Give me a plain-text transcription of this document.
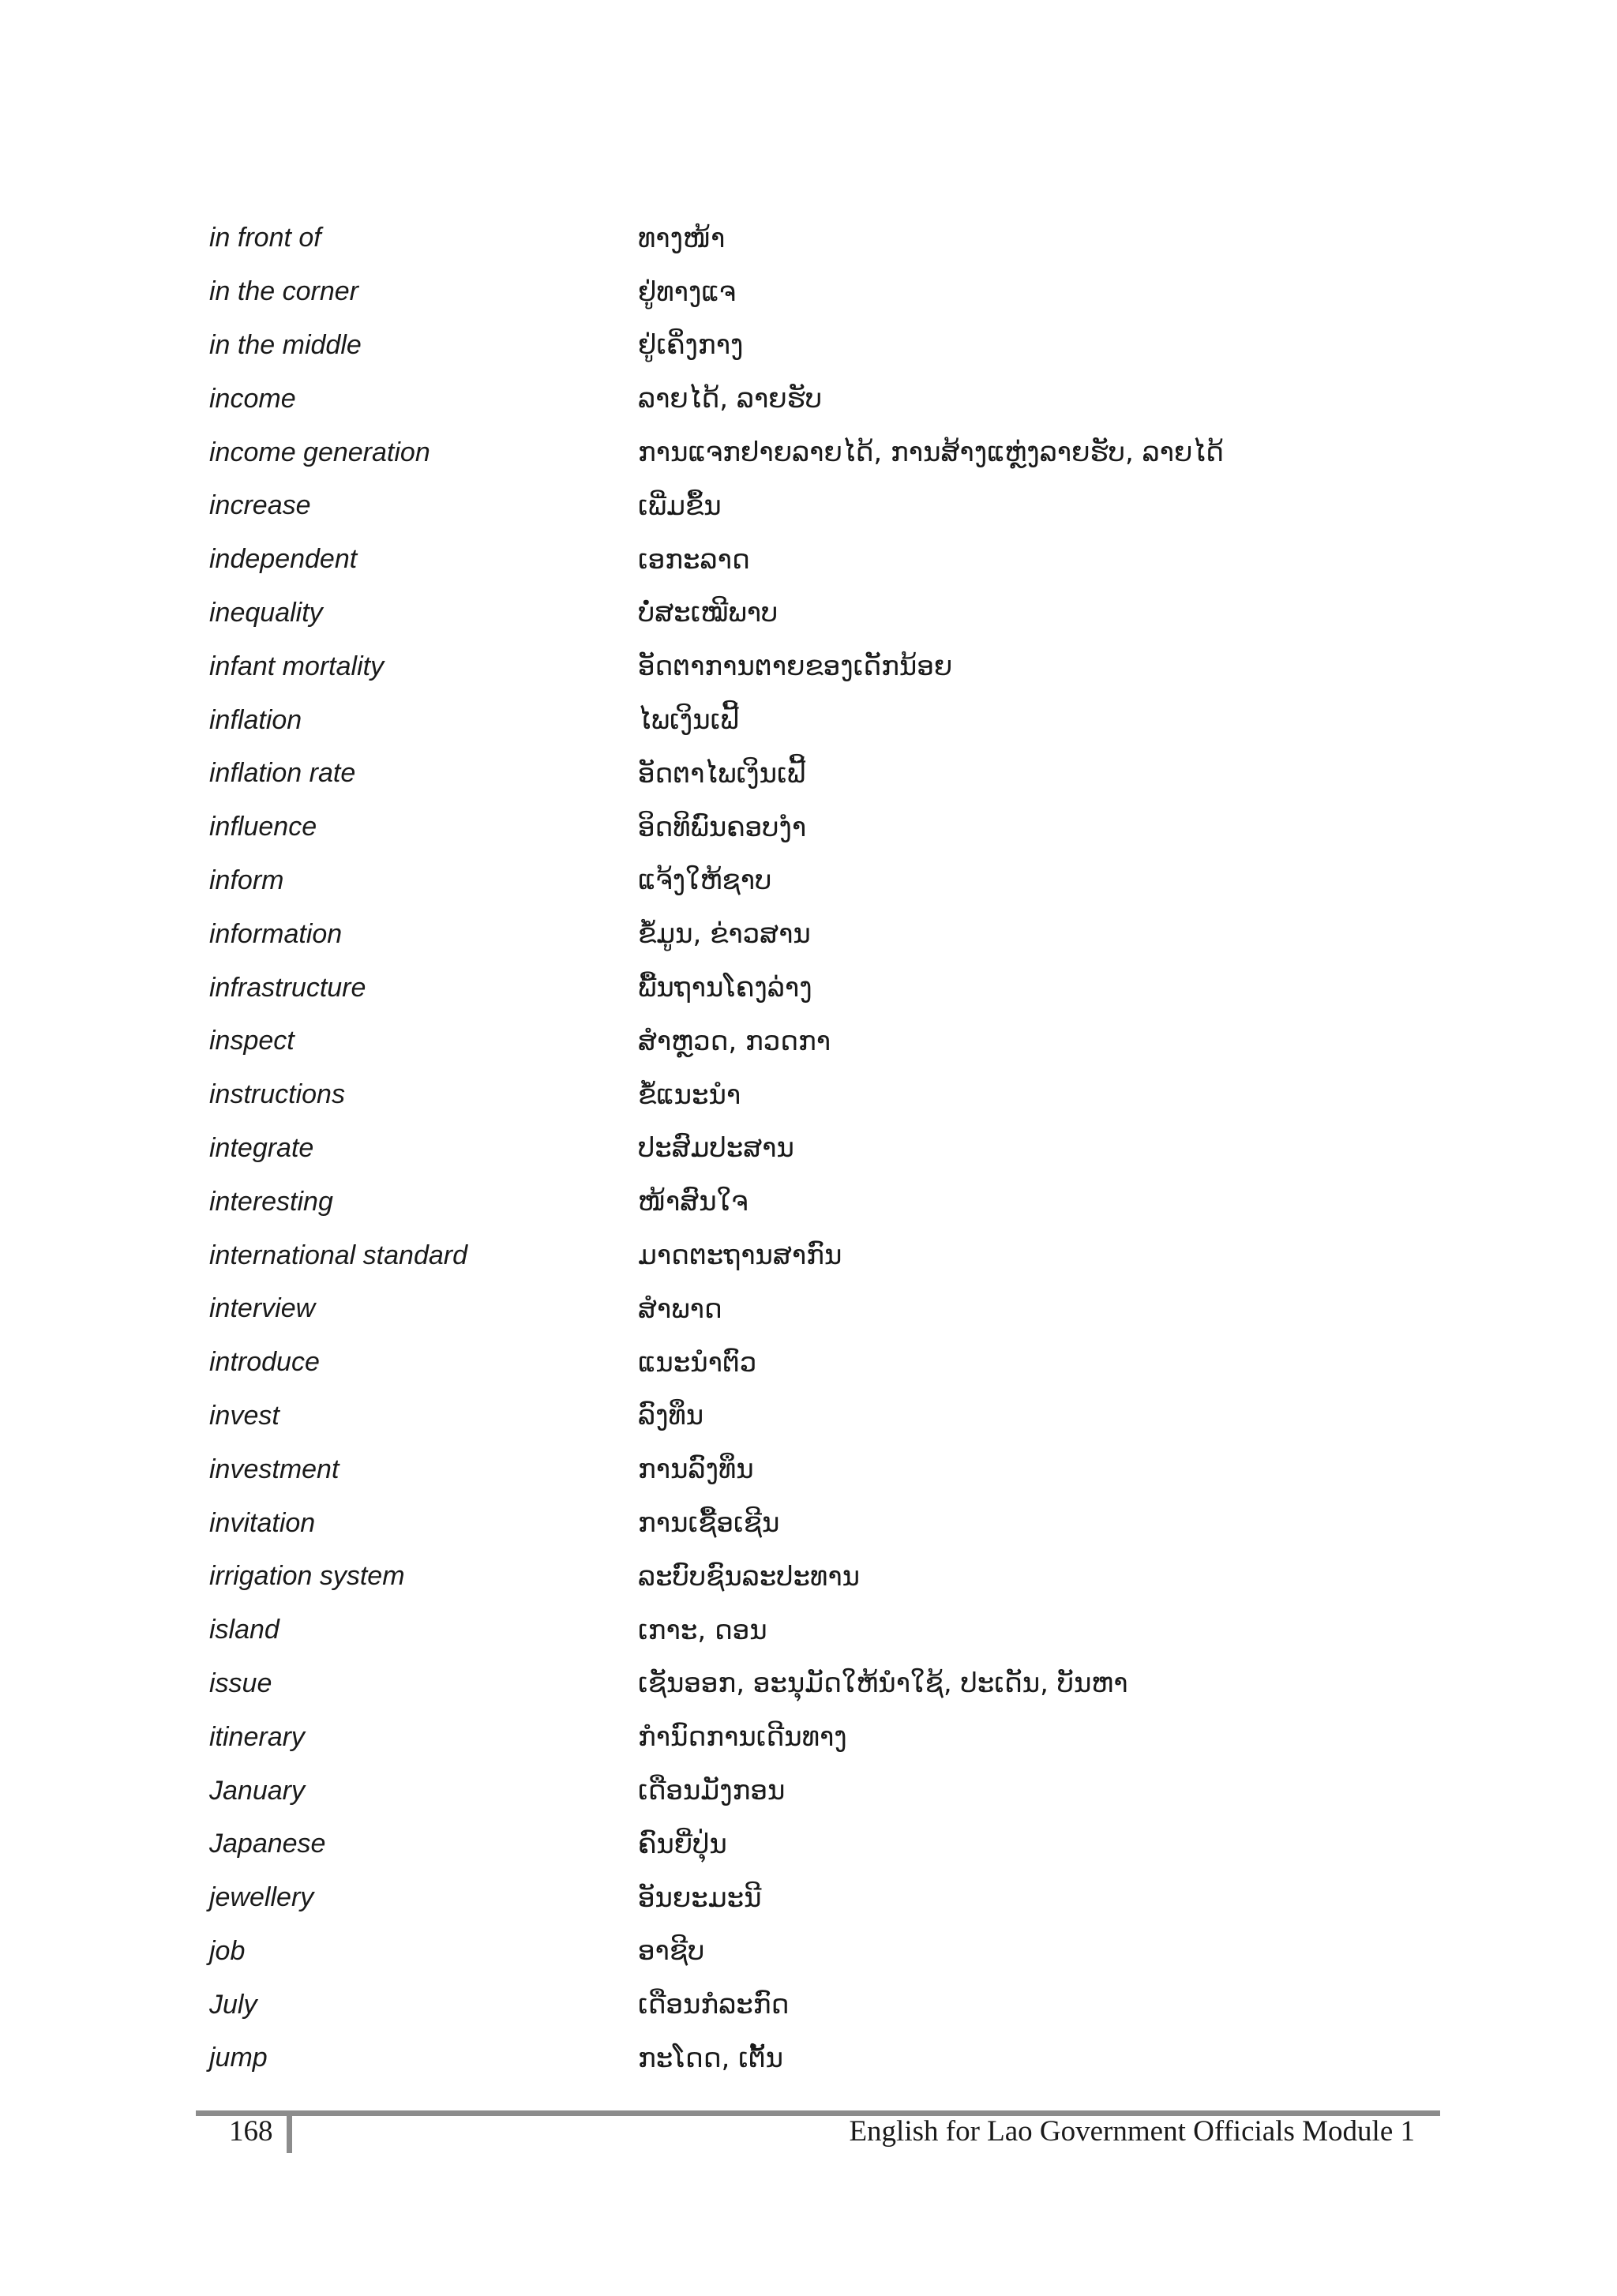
in front of	ທາງໜ້າ
in the corner	ຢູ່ທາງແຈ
in the middle	ຢູ່ເຄິ່ງກາງ
income	ລາຍໄດ້, ລາຍຮັບ
income generation	ການແຈກຢາຍລາຍໄດ້, ການສ້າງແຫຼ່ງລາຍຮັບ, ລາຍໄດ້
increase	ເພີ່ມຂຶ້ນ
independent	ເອກະລາດ
inequality	ບໍ່ສະເໝີພາບ
infant mortality	ອັດຕາການຕາຍຂອງເດັກນ້ອຍ
inflation	ໄພເງິນເຟີ້
inflation rate	ອັດຕາໄພເງິນເຟີ້
influence	ອິດທິພົນຄອບງຳ
inform	ແຈ້ງໃຫ້ຊາບ
information	ຂໍ້ມູນ, ຂ່າວສານ
infrastructure	ພື້ນຖານໂຄງລ່າງ
inspect	ສຳຫຼວດ, ກວດກາ
instructions	ຂໍ້ແນະນຳ
integrate	ປະສົມປະສານ
interesting	ໜ້າສົນໃຈ
international standard	ມາດຕະຖານສາກົນ
interview	ສຳພາດ
introduce	ແນະນຳຕົວ
invest	ລົງທຶນ
investment	ການລົງທຶນ
invitation	ການເຊື້ອເຊີນ
irrigation system	ລະບົບຊົນລະປະທານ
island	ເກາະ, ດອນ
issue	ເຊັນອອກ, ອະນຸມັດໃຫ້ນຳໃຊ້, ປະເດັນ, ບັນຫາ
itinerary	ກຳນົດການເດີນທາງ
January	ເດືອນມັງກອນ
Japanese	ຄົນຍີ່ປຸ່ນ
jewellery	ອັນຍະມະນີ
job	ອາຊີບ
July	ເດືອນກໍລະກົດ
jump	ກະໂດດ, ເຕັ້ນ
168	English for Lao Government Officials Module 1
